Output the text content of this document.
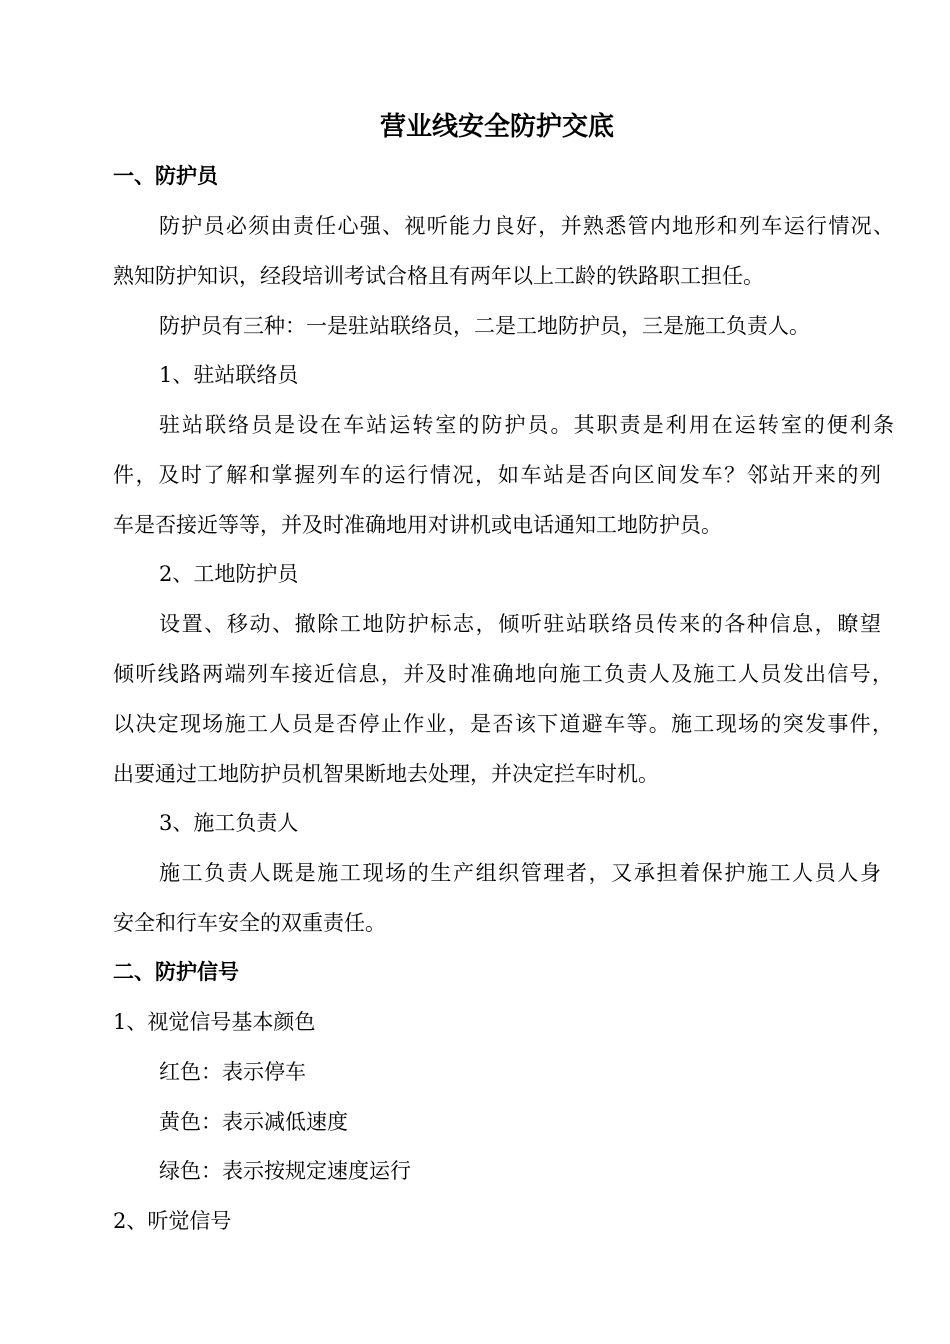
营业线安全防护交底
一、防护员
防护员必须由责任心强、视听能力良好，并熟悉管内地形和列车运行情况、
熟知防护知识，经段培训考试合格且有两年以上工龄的铁路职工担任。
防护员有三种：一是驻站联络员，二是工地防护员，三是施工负责人。
1、驻站联络员
驻站联络员是设在车站运转室的防护员。其职责是利用在运转室的便利条
件，及时了解和掌握列车的运行情况，如车站是否向区间发车？邻站开来的列
车是否接近等等，并及时准确地用对讲机或电话通知工地防护员。
2、工地防护员
设置、移动、撤除工地防护标志，倾听驻站联络员传来的各种信息，瞭望
倾听线路两端列车接近信息，并及时准确地向施工负责人及施工人员发出信号，
以决定现场施工人员是否停止作业，是否该下道避车等。施工现场的突发事件，
出要通过工地防护员机智果断地去处理，并决定拦车时机。
3、施工负责人
施工负责人既是施工现场的生产组织管理者，又承担着保护施工人员人身
安全和行车安全的双重责任。
二、防护信号
1、视觉信号基本颜色
红色：表示停车
黄色：表示减低速度
绿色：表示按规定速度运行
2、听觉信号
